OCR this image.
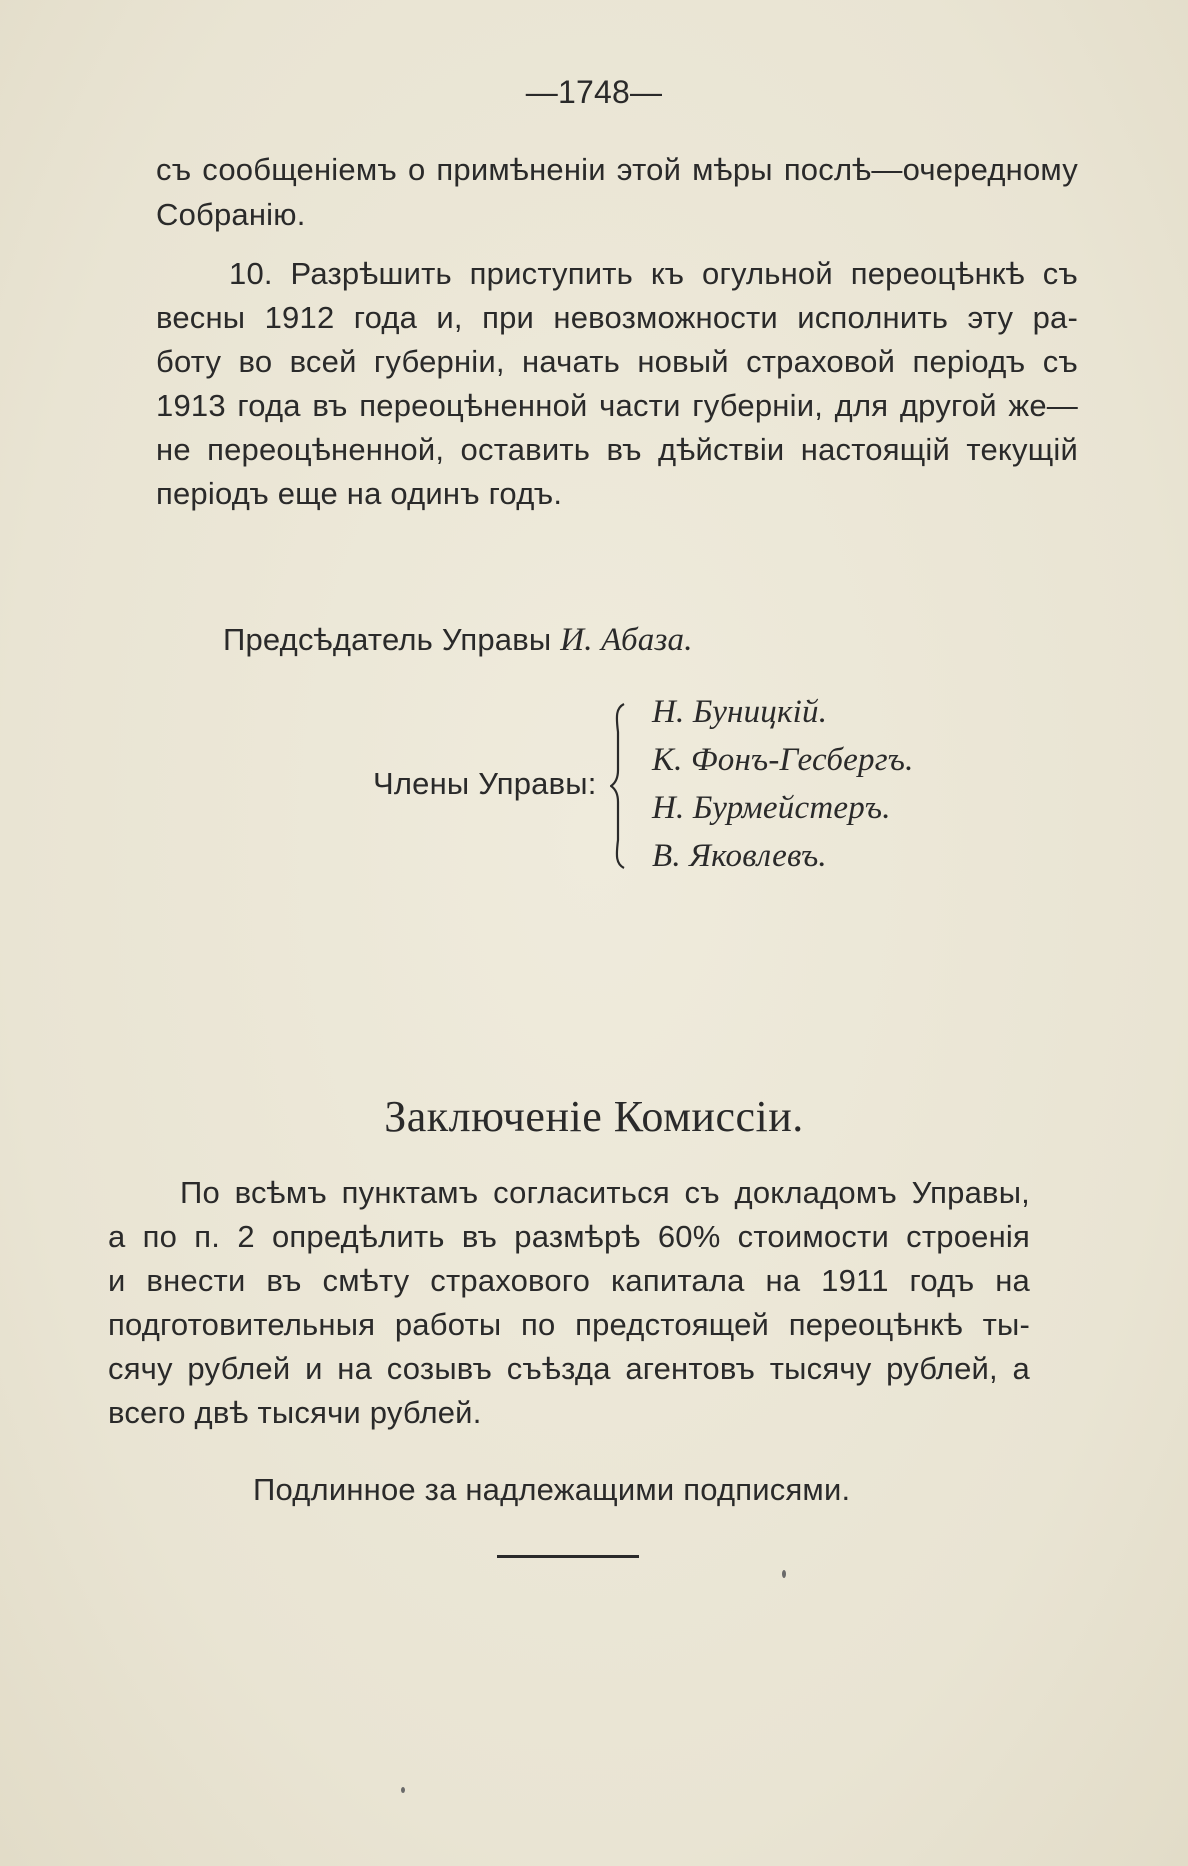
—1748—
съ сообщеніемъ о примѣненіи этой мѣры послѣ—очередному
Собранію.
10. Разрѣшить приступить къ огульной переоцѣнкѣ съ
весны 1912 года и, при невозможности исполнить эту ра-
боту во всей губерніи, начать новый страховой періодъ съ
1913 года въ переоцѣненной части губерніи, для другой же—
не переоцѣненной, оставить въ дѣйствіи настоящій текущій
періодъ еще на одинъ годъ.
Предсѣдатель Управы И. Абаза.
Члены Управы:
Н. Буницкій.
К. Фонъ-Гесбергъ.
Н. Бурмейстеръ.
В. Яковлевъ.
Заключеніе Комиссіи.
По всѣмъ пунктамъ согласиться съ докладомъ Управы,
а по п. 2 опредѣлить въ размѣрѣ 60% стоимости строенія
и внести въ смѣту страхового капитала на 1911 годъ на
подготовительныя работы по предстоящей переоцѣнкѣ ты-
сячу рублей и на созывъ съѣзда агентовъ тысячу рублей, а
всего двѣ тысячи рублей.
Подлинное за надлежащими подписями.
